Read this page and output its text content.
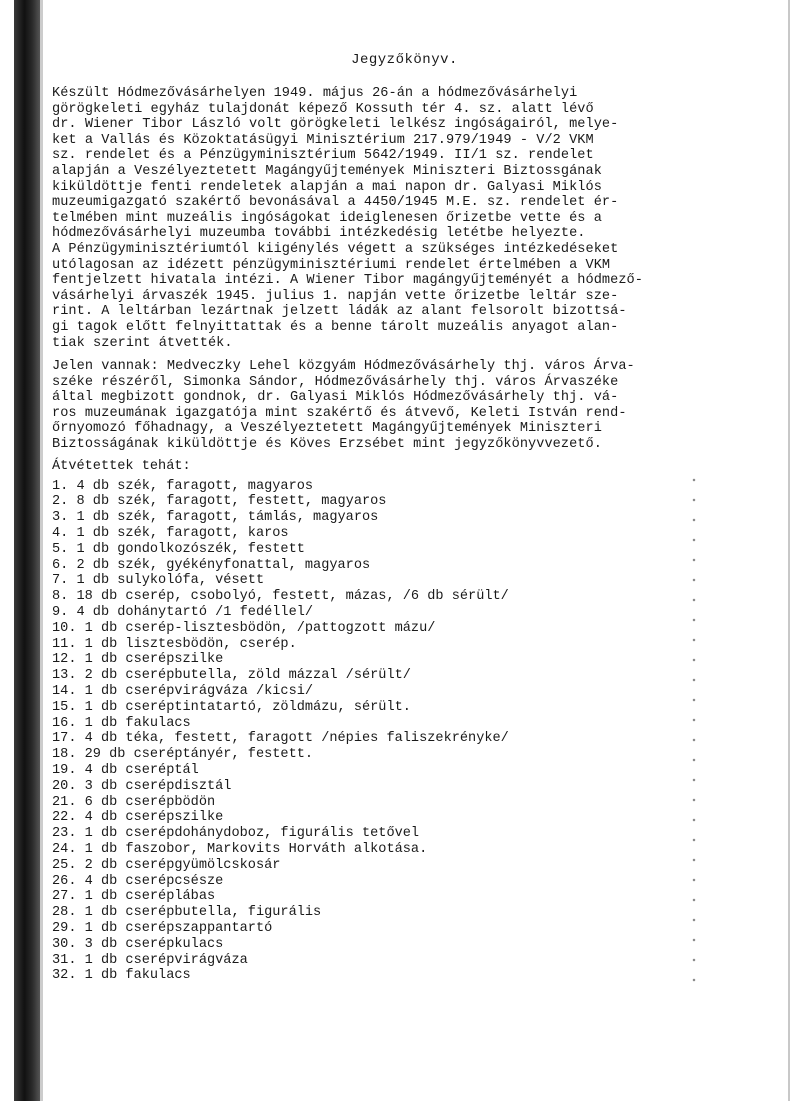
Jegyzőkönyv.
Készült Hódmezővásárhelyen 1949. május 26-án a hódmezővásárhelyi
görögkeleti egyház tulajdonát képező Kossuth tér 4. sz. alatt lévő
dr. Wiener Tibor László volt görögkeleti lelkész ingóságairól, melye-
ket a Vallás és Közoktatásügyi Minisztérium 217.979/1949 - V/2 VKM
sz. rendelet és a Pénzügyminisztérium 5642/1949. II/1 sz. rendelet
alapján a Veszélyeztetett Magángyűjtemények Miniszteri Biztossgának
kiküldöttje fenti rendeletek alapján a mai napon dr. Galyasi Miklós
muzeumigazgató szakértő bevonásával a 4450/1945 M.E. sz. rendelet ér-
telmében mint muzeális ingóságokat ideiglenesen őrizetbe vette és a
hódmezővásárhelyi muzeumba további intézkedésig letétbe helyezte.
A Pénzügyminisztériumtól kiigénylés végett a szükséges intézkedéseket
utólagosan az idézett pénzügyminisztériumi rendelet értelmében a VKM
fentjelzett hivatala intézi. A Wiener Tibor magángyűjteményét a hódmező-
vásárhelyi árvaszék 1945. julius 1. napján vette őrizetbe leltár sze-
rint. A leltárban lezártnak jelzett ládák az alant felsorolt bizottsá-
gi tagok előtt felnyittattak és a benne tárolt muzeális anyagot alan-
tiak szerint átvették.
Jelen vannak: Medveczky Lehel közgyám Hódmezővásárhely thj. város Árva-
széke részéről, Simonka Sándor, Hódmezővásárhely thj. város Árvaszéke
által megbizott gondnok, dr. Galyasi Miklós Hódmezővásárhely thj. vá-
ros muzeumának igazgatója mint szakértő és átvevő, Keleti István rend-
őrnyomozó főhadnagy, a Veszélyeztetett Magángyűjtemények Miniszteri
Biztosságának kiküldöttje és Köves Erzsébet mint jegyzőkönyvvezető.
Átvétettek tehát:
1. 4 db szék, faragott, magyaros
2. 8 db szék, faragott, festett, magyaros
3. 1 db szék, faragott, támlás, magyaros
4. 1 db szék, faragott, karos
5. 1 db gondolkozószék, festett
6. 2 db szék, gyékényfonattal, magyaros
7. 1 db sulykolófa, vésett
8. 18 db cserép, csobolyó, festett, mázas, /6 db sérült/
9. 4 db dohánytartó /1 fedéllel/
10. 1 db cserép-lisztesbödön, /pattogzott mázu/
11. 1 db lisztesbödön, cserép.
12. 1 db cserépszilke
13. 2 db cserépbutella, zöld mázzal /sérült/
14. 1 db cserépvirágváza /kicsi/
15. 1 db cseréptintatartó, zöldmázu, sérült.
16. 1 db fakulacs
17. 4 db téka, festett, faragott /népies faliszekrényke/
18. 29 db cseréptányér, festett.
19. 4 db cseréptál
20. 3 db cserépdisztál
21. 6 db cserépbödön
22. 4 db cserépszilke
23. 1 db cserépdohánydoboz, figurális tetővel
24. 1 db faszobor, Markovits Horváth alkotása.
25. 2 db cserépgyümölcskosár
26. 4 db cserépcsésze
27. 1 db cseréplábas
28. 1 db cserépbutella, figurális
29. 1 db cserépszappantartó
30. 3 db cserépkulacs
31. 1 db cserépvirágváza
32. 1 db fakulacs
